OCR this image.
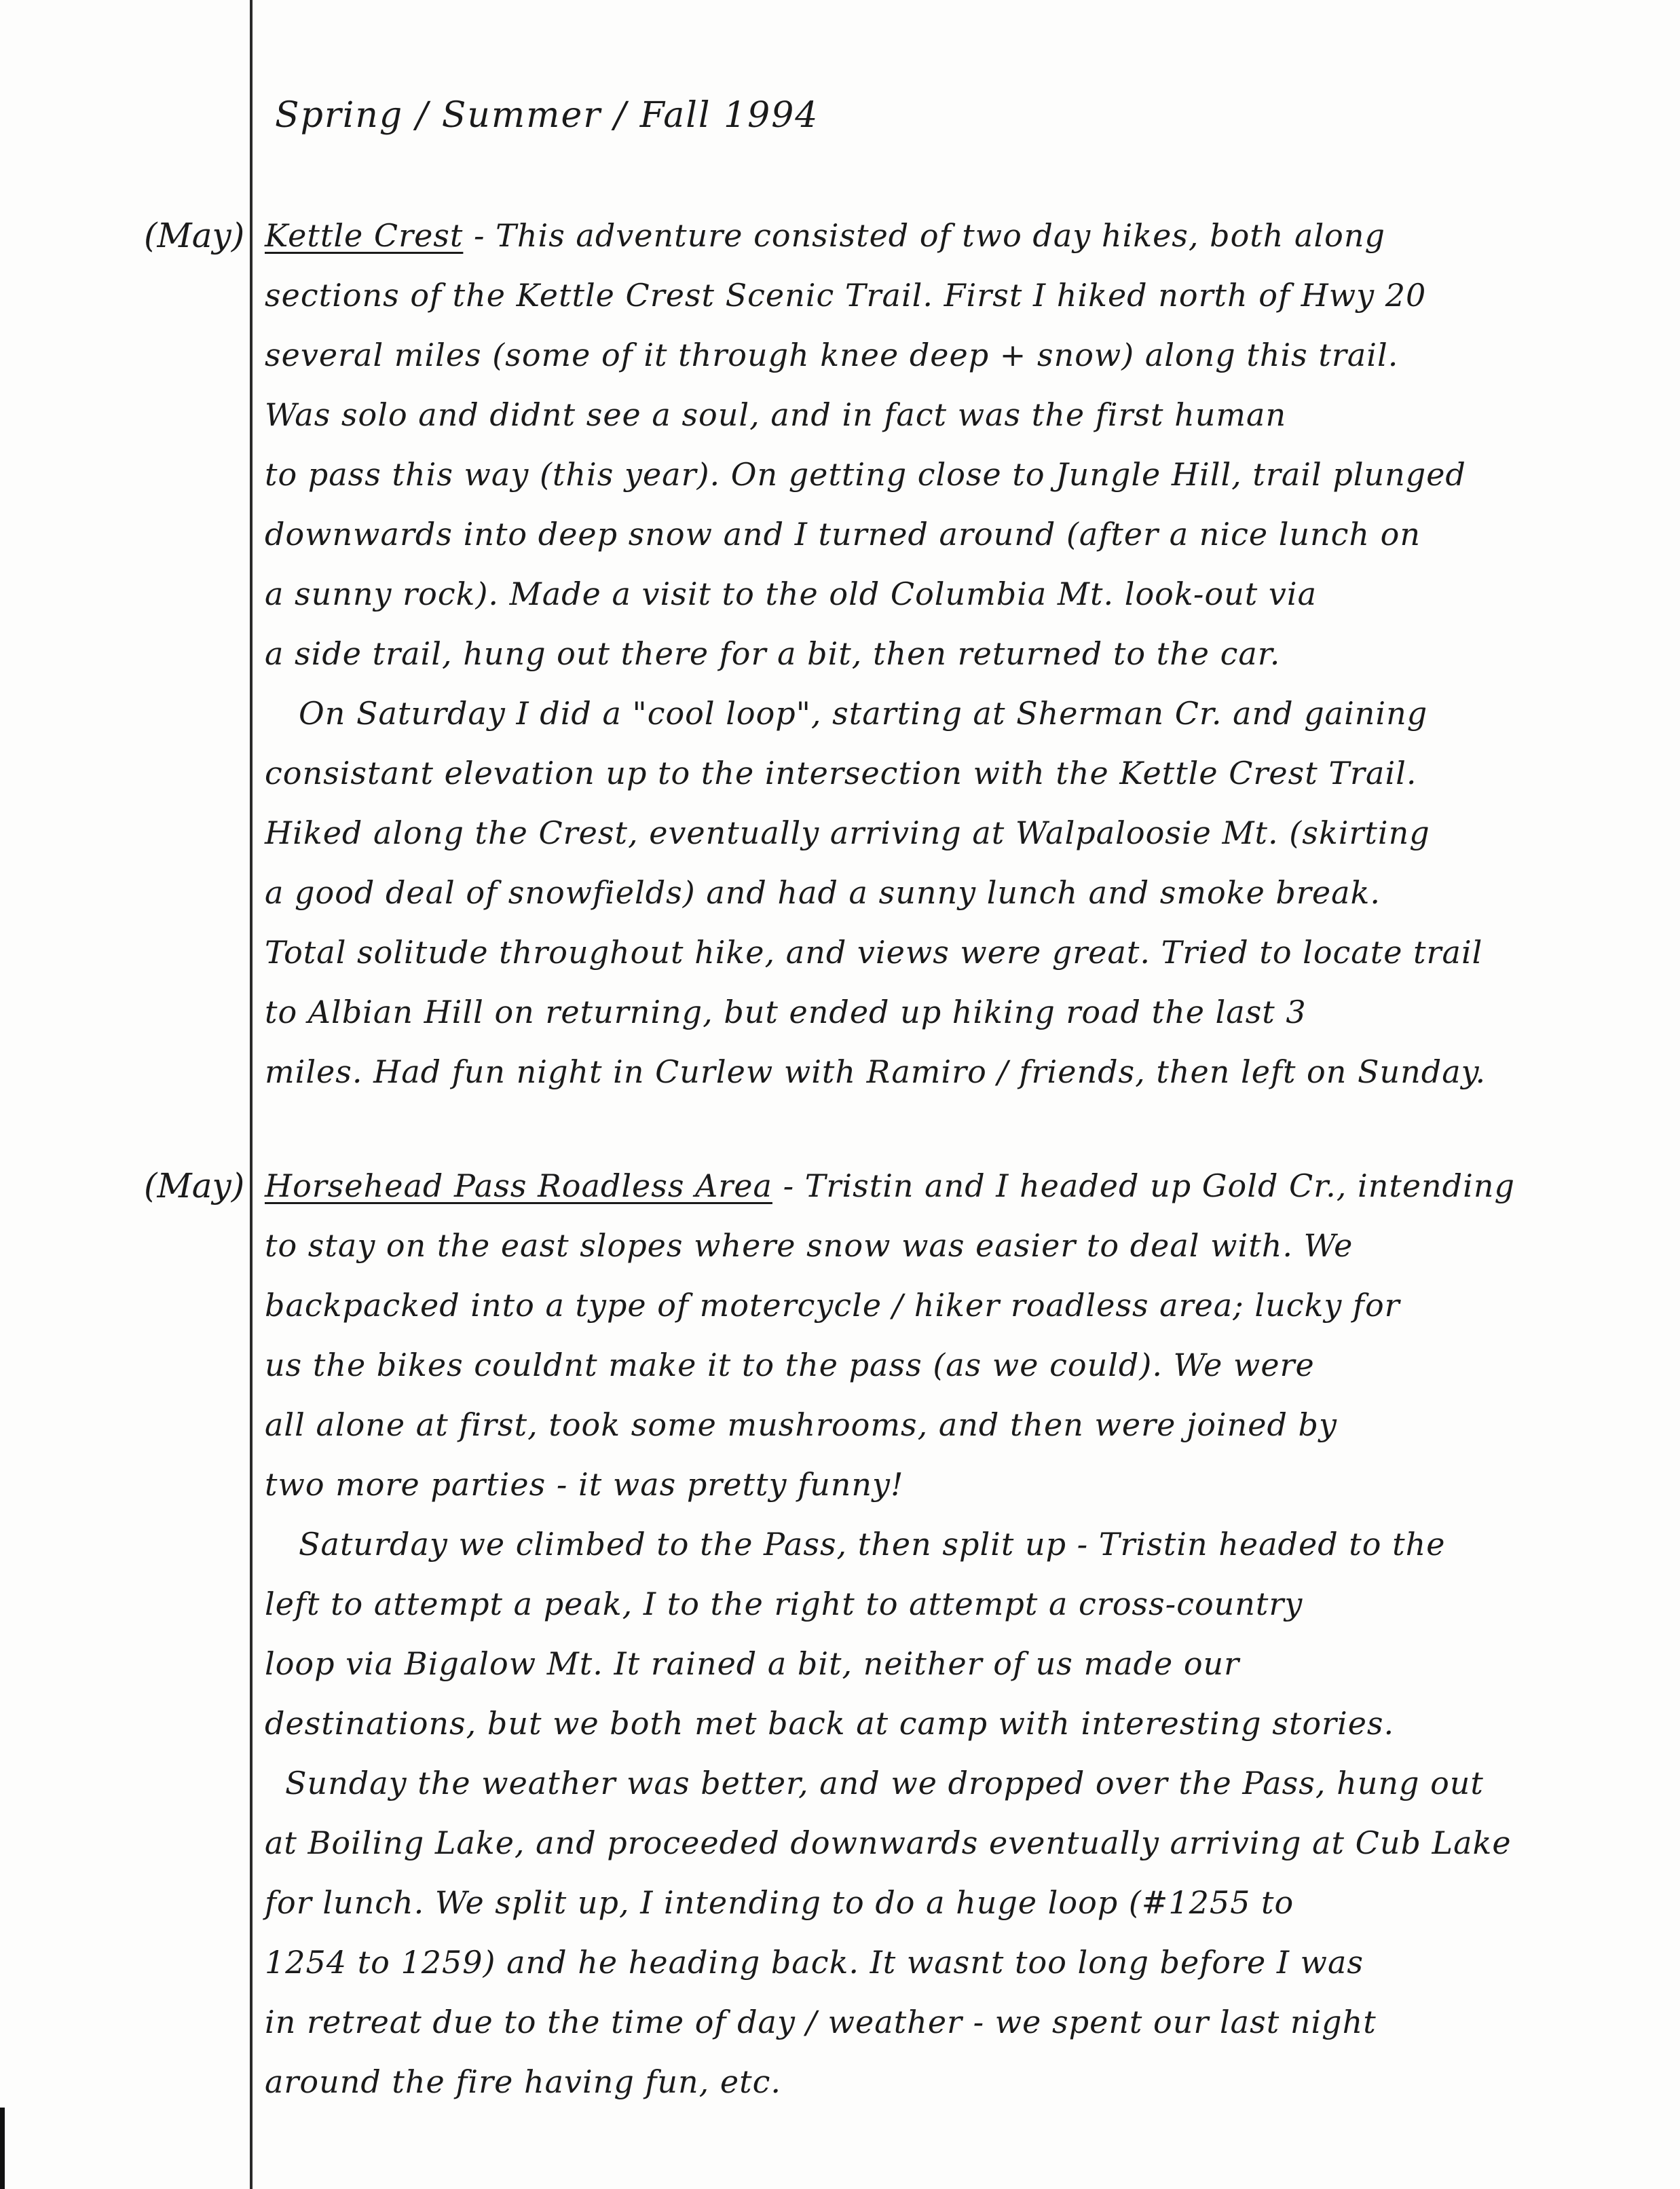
Spring / Summer / Fall 1994
(May) Kettle Crest - This adventure consisted of two day hikes, both along
sections of the Kettle Crest Scenic Trail. First I hiked north of Hwy 20
several miles (some of it through knee deep + snow) along this trail.
Was solo and didnt see a soul, and in fact was the first human
to pass this way (this year). On getting close to Jungle Hill, trail plunged
downwards into deep snow and I turned around (after a nice lunch on
a sunny rock). Made a visit to the old Columbia Mt. look-out via
a side trail, hung out there for a bit, then returned to the car.
On Saturday I did a "cool loop", starting at Sherman Cr. and gaining
consistant elevation up to the intersection with the Kettle Crest Trail.
Hiked along the Crest, eventually arriving at Walpaloosie Mt. (skirting
a good deal of snowfields) and had a sunny lunch and smoke break.
Total solitude throughout hike, and views were great. Tried to locate trail
to Albian Hill on returning, but ended up hiking road the last 3
miles. Had fun night in Curlew with Ramiro / friends, then left on Sunday.
(May) Horsehead Pass Roadless Area - Tristin and I headed up Gold Cr., intending
to stay on the east slopes where snow was easier to deal with. We
backpacked into a type of motercycle / hiker roadless area; lucky for
us the bikes couldnt make it to the pass (as we could). We were
all alone at first, took some mushrooms, and then were joined by
two more parties - it was pretty funny!
Saturday we climbed to the Pass, then split up - Tristin headed to the
left to attempt a peak, I to the right to attempt a cross-country
loop via Bigalow Mt. It rained a bit, neither of us made our
destinations, but we both met back at camp with interesting stories.
Sunday the weather was better, and we dropped over the Pass, hung out
at Boiling Lake, and proceeded downwards eventually arriving at Cub Lake
for lunch. We split up, I intending to do a huge loop (#1255 to
1254 to 1259) and he heading back. It wasnt too long before I was
in retreat due to the time of day / weather - we spent our last night
around the fire having fun, etc.
